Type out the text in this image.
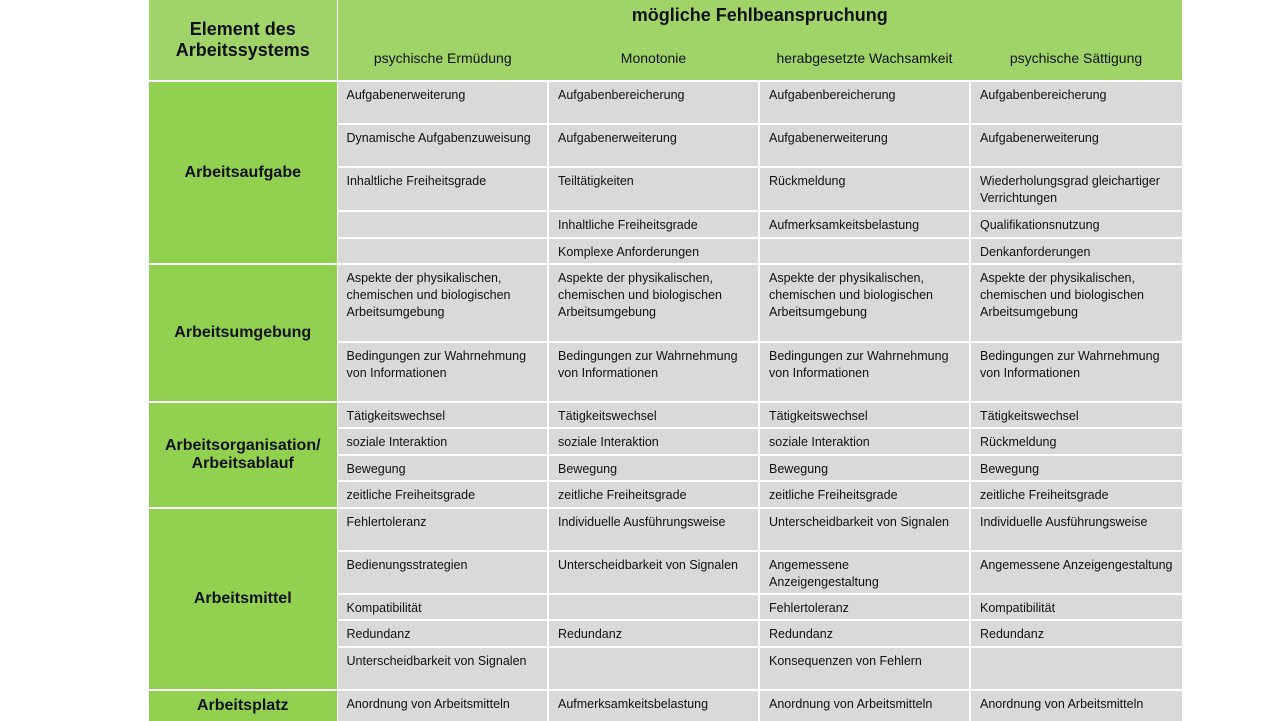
Element des Arbeitssystems	mögliche Fehlbeanspruchung			
	psychische Ermüdung	Monotonie	herabgesetzte Wachsamkeit	psychische Sättigung
Arbeitsaufgabe	Aufgabenerweiterung	Aufgabenbereicherung	Aufgabenbereicherung	Aufgabenbereicherung
	Dynamische Aufgabenzuweisung	Aufgabenerweiterung	Aufgabenerweiterung	Aufgabenerweiterung
	Inhaltliche Freiheitsgrade	Teiltätigkeiten	Rückmeldung	Wiederholungsgrad gleichartiger Verrichtungen
		Inhaltliche Freiheitsgrade	Aufmerksamkeitsbelastung	Qualifikationsnutzung
		Komplexe Anforderungen		Denkanforderungen
Arbeitsumgebung	Aspekte der physikalischen, chemischen und biologischen Arbeitsumgebung	Aspekte der physikalischen, chemischen und biologischen Arbeitsumgebung	Aspekte der physikalischen, chemischen und biologischen Arbeitsumgebung	Aspekte der physikalischen, chemischen und biologischen Arbeitsumgebung
	Bedingungen zur Wahrnehmung von Informationen	Bedingungen zur Wahrnehmung von Informationen	Bedingungen zur Wahrnehmung von Informationen	Bedingungen zur Wahrnehmung von Informationen
Arbeitsorganisation/ Arbeitsablauf	Tätigkeitswechsel	Tätigkeitswechsel	Tätigkeitswechsel	Tätigkeitswechsel
	soziale Interaktion	soziale Interaktion	soziale Interaktion	Rückmeldung
	Bewegung	Bewegung	Bewegung	Bewegung
	zeitliche Freiheitsgrade	zeitliche Freiheitsgrade	zeitliche Freiheitsgrade	zeitliche Freiheitsgrade
Arbeitsmittel	Fehlertoleranz	Individuelle Ausführungsweise	Unterscheidbarkeit von Signalen	Individuelle Ausführungsweise
	Bedienungsstrategien	Unterscheidbarkeit von Signalen	Angemessene Anzeigengestaltung	Angemessene Anzeigengestaltung
	Kompatibilität		Fehlertoleranz	Kompatibilität
	Redundanz	Redundanz	Redundanz	Redundanz
	Unterscheidbarkeit von Signalen		Konsequenzen von Fehlern	
Arbeitsplatz	Anordnung von Arbeitsmitteln	Aufmerksamkeitsbelastung	Anordnung von Arbeitsmitteln	Anordnung von Arbeitsmitteln
